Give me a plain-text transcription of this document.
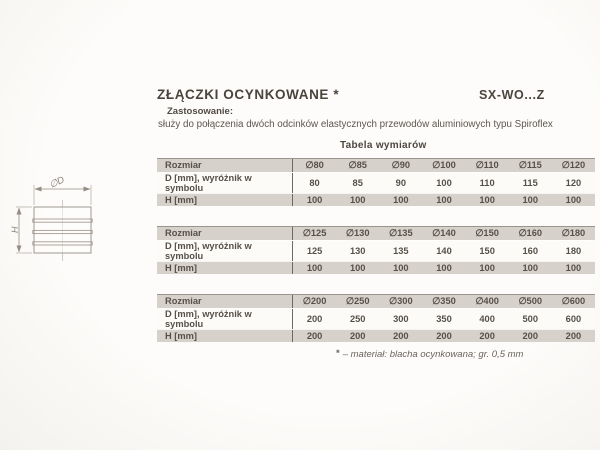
∅D
H
ZŁĄCZKI OCYNKOWANE *	SX-WO...Z
Zastosowanie:
służy do połączenia dwóch odcinków elastycznych przewodów aluminiowych typu Spiroflex
Tabela wymiarów
Rozmiar	∅80	∅85	∅90	∅100	∅110	∅115	∅120
D [mm], wyróżnik w symbolu	80	85	90	100	110	115	120
H [mm]	100	100	100	100	100	100	100
Rozmiar	∅125	∅130	∅135	∅140	∅150	∅160	∅180
D [mm], wyróżnik w symbolu	125	130	135	140	150	160	180
H [mm]	100	100	100	100	100	100	100
Rozmiar	∅200	∅250	∅300	∅350	∅400	∅500	∅600
D [mm], wyróżnik w symbolu	200	250	300	350	400	500	600
H [mm]	200	200	200	200	200	200	200
* – materiał: blacha ocynkowana; gr. 0,5 mm
